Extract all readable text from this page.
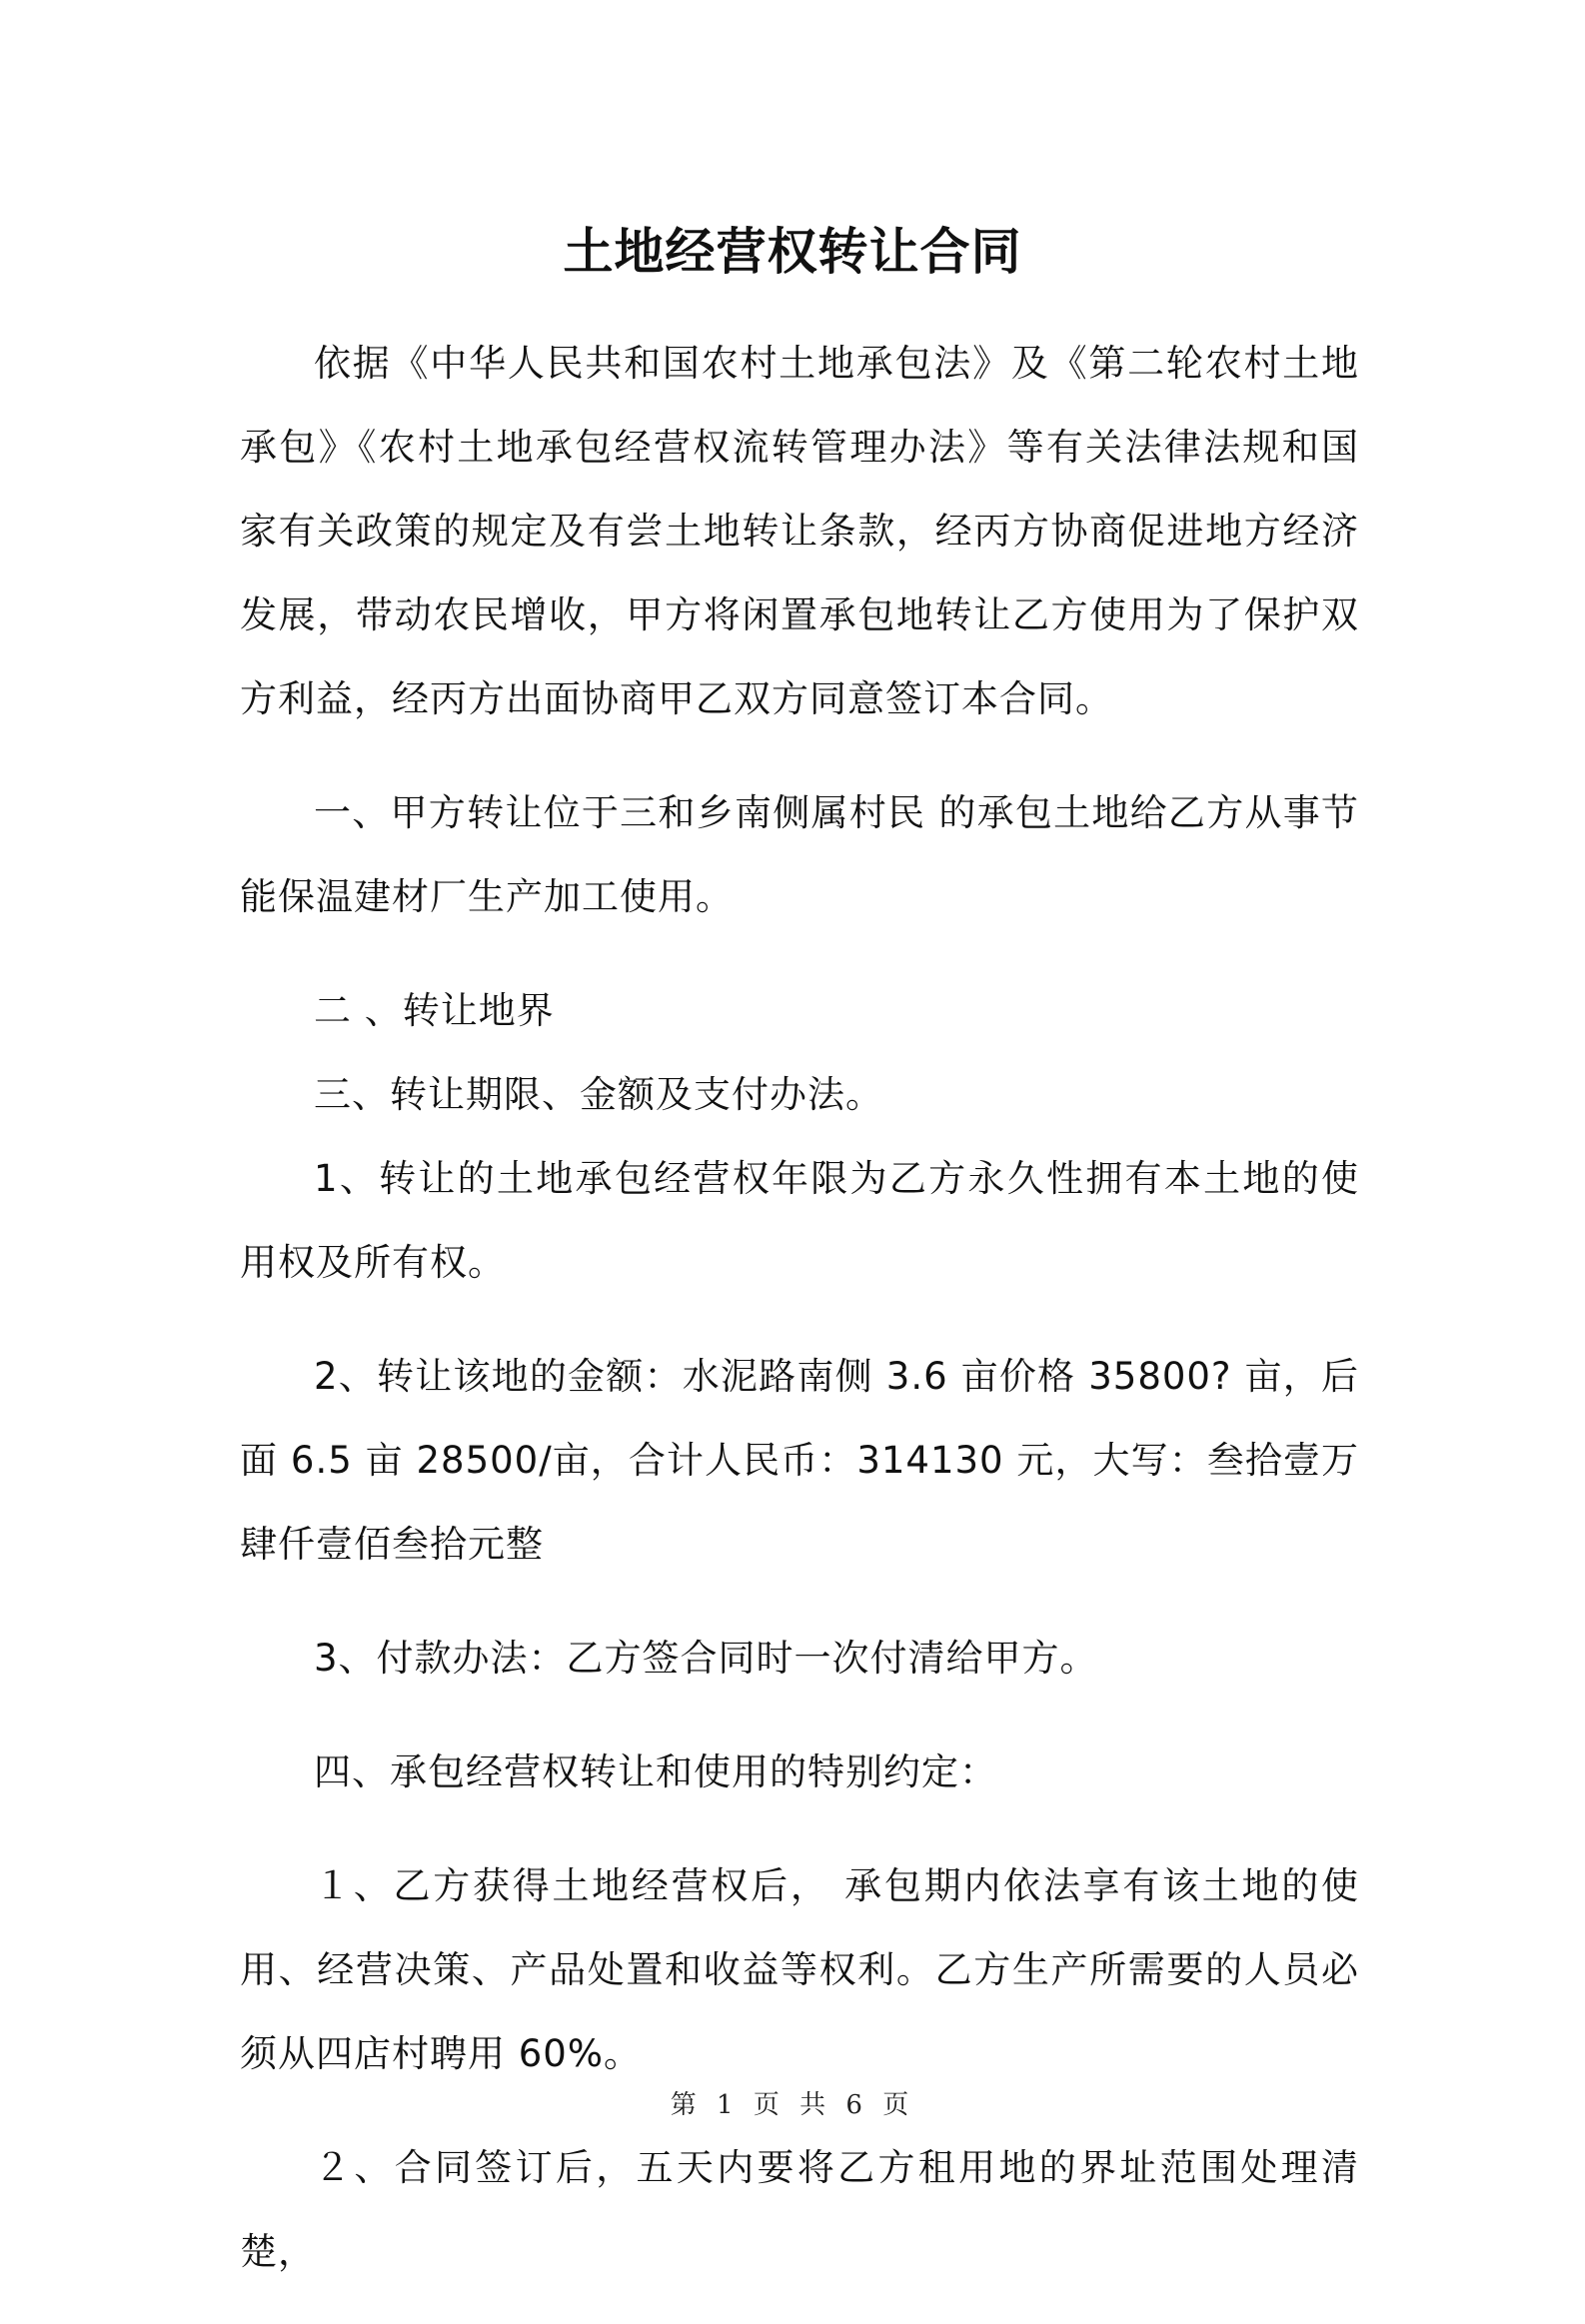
土地经营权转让合同

依据《中华人民共和国农村土地承包法》及《第二轮农村土地承包》《农村土地承包经营权流转管理办法》等有关法律法规和国家有关政策的规定及有尝土地转让条款，经丙方协商促进地方经济发展，带动农民增收，甲方将闲置承包地转让乙方使用为了保护双方利益，经丙方出面协商甲乙双方同意签订本合同。

一、甲方转让位于三和乡南侧属村民 的承包土地给乙方从事节能保温建材厂生产加工使用。

二 、转让地界

三、转让期限、金额及支付办法。

1、转让的土地承包经营权年限为乙方永久性拥有本土地的使用权及所有权。

2、转让该地的金额：水泥路南侧 3.6 亩价格 35800? 亩，后面 6.5 亩 28500/亩，合计人民币：314130 元，大写：叁拾壹万肆仟壹佰叁拾元整

3、付款办法：乙方签合同时一次付清给甲方。

四、承包经营权转让和使用的特别约定：

１、乙方获得土地经营权后， 承包期内依法享有该土地的使用、经营决策、产品处置和收益等权利。乙方生产所需要的人员必须从四店村聘用 60%。

２、合同签订后，五天内要将乙方租用地的界址范围处理清楚，

第 1 页 共 6 页
